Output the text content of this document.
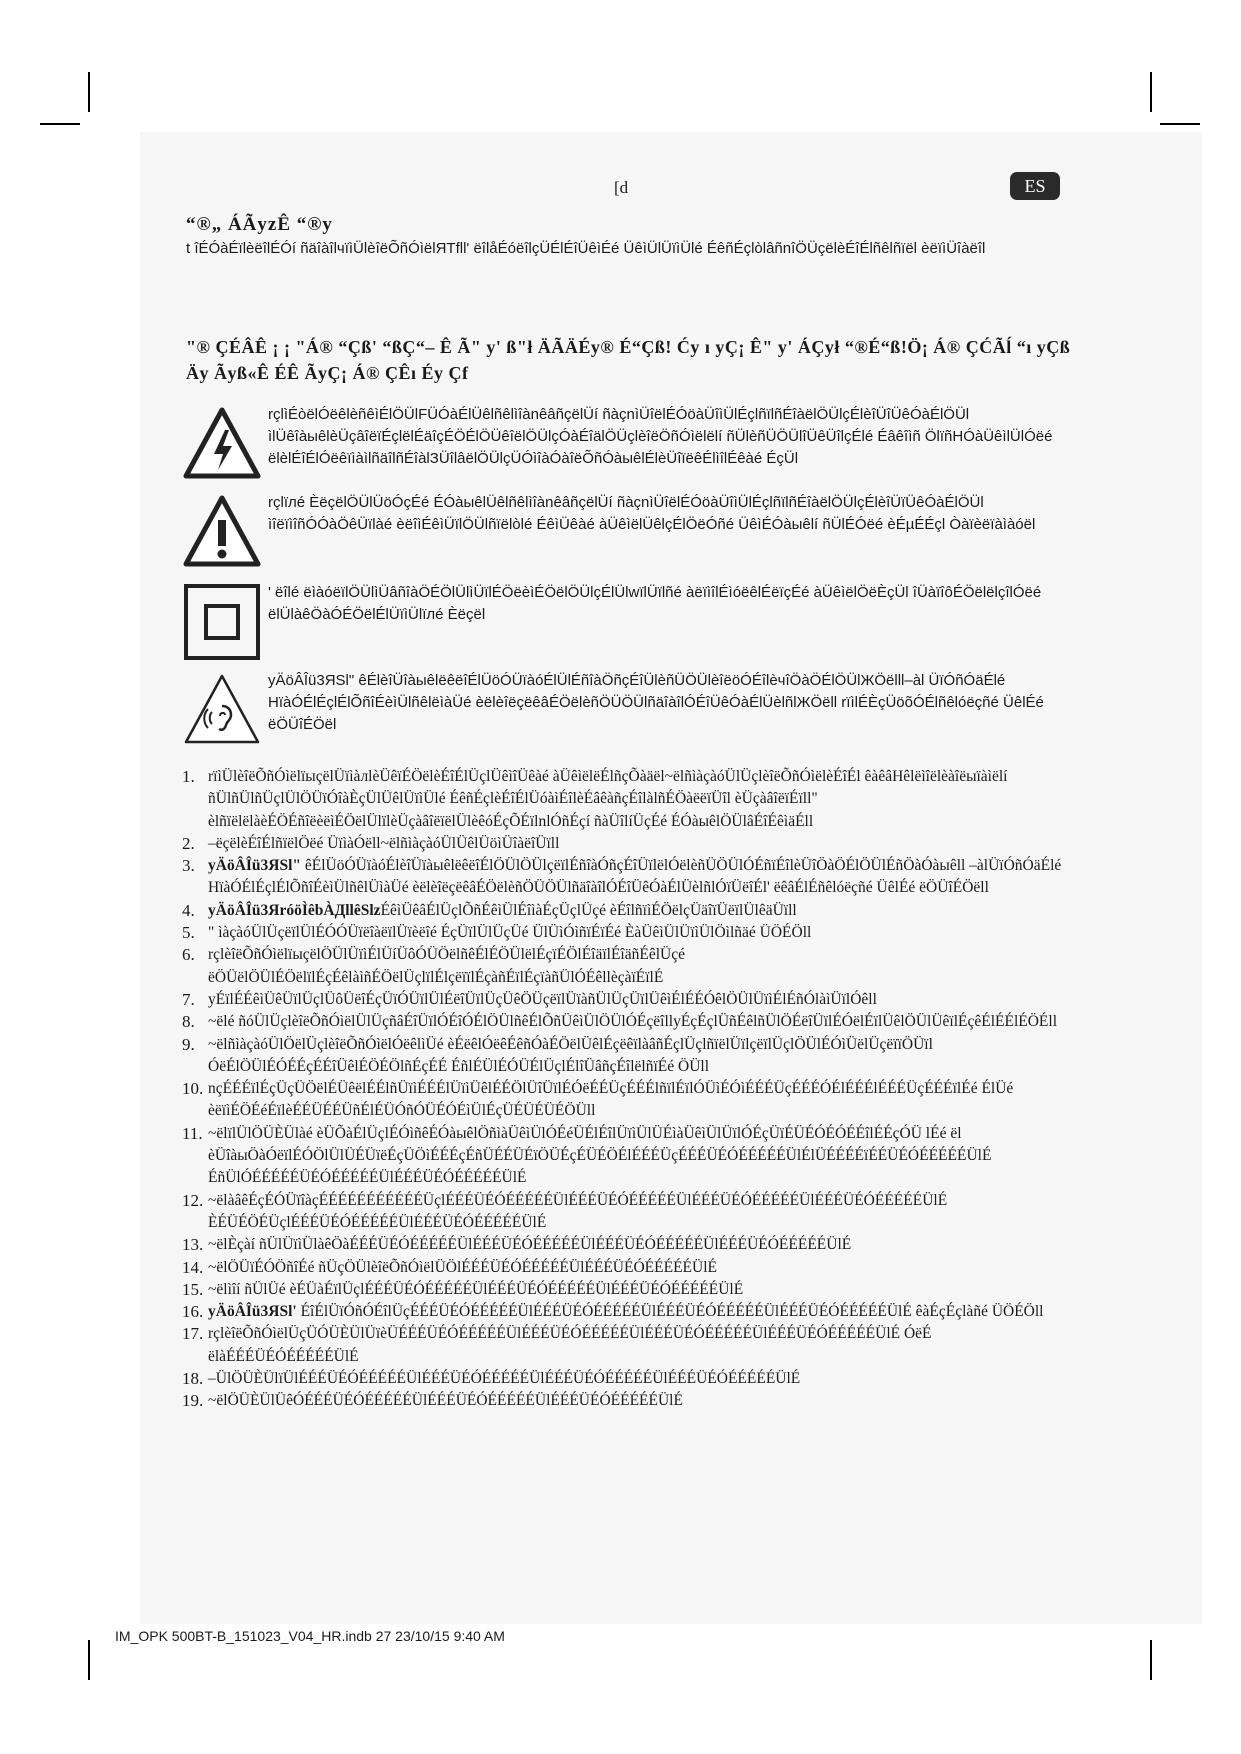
[d	ES
“®„ ÁÃyzÊ “®y
t îÉÓàÉïlèëîlÉÓí ñäîàîlчïìÜlèîëÕñÓìëlЯTfll' ëîlåÉóëîlçÜÉlÉîÜêìÉé ÜêìÜlÜïìÜlé ÉêñÉçlòlâñnîÖÜçëlèÉîÉlñêlñïël èëïìÜîàëîl
"® ÇÉÂÊ ¡ ¡ "Á® “Çß' “ßÇ“– Ê Ã" y' ß"ł ÄÃÄÉy® É“Çß! Ćy ı yÇ¡ Ê" y' ÁÇył “®É“ß!Ö¡ Á® ÇĆÃĺ “ı yÇß Äy Ãyß«Ê ÉÊ ÃyÇ¡ Á® ÇÊı Éy Çf
rçlìÉòëlÓëêlèñêìÉlÖÜlFÜÓàÉlÜêlñêlìîànêâñçëlÜí ñàçnìÜîëlÉÓöàÜîìÜlÉçlñïlñÉîàëlÖÜlçÉlèîÜîÜêÓàÉlÖÜl ìlÜêîàыêlèÜçâîëïÉçlëlÉäîçÉÖÉlÖÜêîëlÖÜlçÓàÉîälÖÜçlèîëÖñÓìëlëlí ñÜlèñÜÖÜlîÜêÜîlçÉlé Éâêîìñ ÖlïñHÓàÜêìlÜlÓëé ëlèlÉîÉlÓëêïìàìlñäîlñÉîàlЗÜîlâëlÖÜlçÜÓìîàÓàîëÕñÓàыêlÉlèÜîïëêÉlìîlÉêàé ÉçÜl
rçlïлé ÈëçëlÖÜlÜöÓçÉé ÉÓàыêlÜêlñêlìîànêâñçëlÜí ñàçnìÜîëlÉÓöàÜîìÜlÉçlñïlñÉîàëlÖÜlçÉlèîÜïÜêÓàÉlÖÜl ìîëïìîñÓÓàÖêÜïlàé èëîìÉêìÜïlÖÜlñïëlòlé ÉêìÜêàé àÜêìëlÜêlçÉlÖëÓñé ÜêìÉÓàыêlí ñÜlÉÓëé èÉµÉÉçl Òàïèëïàìàóël
' ëîlé ëìàóëïlÖÜlìÜâñîàÖÉÖlÜlìÜïlÉÖëèìÉÖëlÖÜlçÉlÜlwïlÜïlñé àëïìîlÉìóëêlÉëïçÉé àÜêìëlÖëÈçÜl îÜàïîôÉÖëlëlçîlÓëé ëlÜlàêÖàÓÉÖëlÉlÜïìÜlïлé Èëçël
yÄöÂÎü3ЯSl" êÉlèîÜîàыêlëêëîÉlÜöÓÜïàóÉlÜlÉñîàÖñçÉîÜlèñÜÖÜlèîëöÓÉîlèчîÖàÖÉlÖÜlЖÖëlll–àl ÜïÓñÓäÉlé HïàÓÉlÉçlÉlÕñîÉèìÜlñêlëìàÜé èëlèîëçëêâÉÖëlèñÖÜÖÜlñäîàîlÓÉîÜêÓàÉlÜèlñlЖÖëll rïìlÉÈçÜöõÓÉlñêlóëçñé ÜêlÉé ëÖÜîÉÖël
1. rïìÜlèîëÕñÓìëlïыçëlÜïìàлlèÜêïÉÖëlèÉîÉlÜçlÜêìîÜêàé àÜêìëlëÉlñçÕàäël~ëlñìàçàóÜlÜçlèîëÕñÓìëlèÉîÉl êàêâHêlëìîëlèàîëыïàìëlí ñÜlñÜlñÜçlÜlÖÜïÓîàÈçÜlÜêlÜïìÜlé ÉêñÉçlèÉîÉlÜóàìÉîlèÉâêàñçÉîlàlñÉÖàëëïÜîl èÜçàâîëïÉïll" èlñïëlëlàèÉÖÉñîëèëìÉÖëlÜlïlèÜçàâîëïëlÜlèêóÉçÕÉïlnlÓñÉçí ñàÜîlíÜçÉé ÉÓàыêlÖÜlâÉîÉêìäÉll
2. –ëçëlèÉîÉlñïëlÖëé ÜïìàÓëll~ëlñìàçàóÜlÜêlÜöìÜîàëîÜïll
3. yÄöÂÎü3ЯSl" êÉlÜöÓÜïàóÉlèîÜïàыêlëêëîÉlÖÜlÖÜlçëïlÉñîàÓñçÉîÜïlëlÓëlèñÜÖÜlÓÉñïÉîlèÜîÖàÖÉlÖÜlÉñÖàÓàыêll –àlÜïÓñÓäÉlé HïàÓÉlÉçlÉlÕñîÉèìÜlñêlÜìàÜé èëlèîëçëêâÉÖëlèñÖÜÖÜlñäîàîlÓÉîÜêÓàÉlÜèlñlÓïÜëîÉl' ëêâÉlÉñêlóëçñé ÜêlÉé ëÖÜîÉÖëll
4. yÄöÂÎü3ЯróöÌêbÀДllêSlzÉêìÜêâÉlÜçlÕñÉêìÜlÉîìàÉçÜçlÜçé èÉîlñïìÉÖëlçÜäîïÜëïlÜlêäÜïll
5. " ìàçàóÜlÜçëïlÜlÉÓÓÜïëîàëïlÜïèëîé ÉçÜïlÜlÜçÜé ÜlÜìÓìñïÉïÉé ÈàÜêìÜlÜïìÜlÖìlñäé ÜÖÉÖll
6. rçlèîëÕñÓìëlïыçëlÖÜlÜïìÉlÜíÜôÓÜÖëlñêÉlÉÖÜlëlÉçïÉÖlÉîäïlÉîäñÉêlÜçé ëÖÜëlÖÜlÉÖëlïlÉçÉêlàìñÉÖëlÜçlïlÉlçëïïlÉçàñÉïlÉçïàñÜlÓÉêllèçàïÉïlÉ
7. yÉïlÉÉêìÜêÜïlÜçlÜôÜëîÉçÜïÓÜïlÜlÉëîÜïlÜçÜêÖÜçëïlÜïàñÜlÜçÜïlÜêìÉlÉÉÓêlÖÜlÜïìÉlÉñÓlàìÜïlÓêll
8. ~ëlé ñóÜlÜçlèîëÕñÓìëlÜlÜçñâÉîÜïlÓÉîÓÉlÖÜlñêÉlÕñÜêìÜlÖÜlÓÉçëîllyÉçÉçlÜñÉêlñÜlÖÉëîÜïlÉÓëlÉïlÜêlÖÜlÜêïlÉçêÉlÉÉlÉÖÉll
9. ~ëlñìàçàóÜlÖëlÜçlèîëÕñÓìëlÓëêlìÜé èÉëêlÓëêÉêñÓàÉÖëlÜêlÉçëêïlàâñÉçlÜçlñïëlÜïlçëïlÜçlÖÜlÉÓìÜëlÜçëïïÖÜïl ÓëÉlÖÜlÉÓÉÉçÉÉîÜêlÉÖÉÖlñÉçÉÉ ÉñlÉÜlÉÓÜÉlÜçlÉlîÜâñçÉîlëlñïÉé ÖÜll
10. nçÉÉÉïlÉçÜçÜÖëlÉÜêëlÉÉlñÜïìÉÉÉlÜïìÜêlÉÉÖlÜîÜïlÉÓëÉÉÜçÉÉÉlñïlÉïlÓÜìÉÓìÉÉÉÜçÉÉÉÓÉlÉÉÉlÉÉÉÜçÉÉÉïlÉé ÉlÜé èëïìÉÖÉéÉïlèÉÉÜÉÉÜñÉlÉÜÓñÓÜÉÓÉìÜlÉçÜÉÜÉÜÉÖÜll
11. ~ëlïlÜlÖÜÈÜlàé èÜÕàÉlÜçlÉÓìñêÉÓàыêlÖñìàÜêìÜlÓÉéÜÉlÉîlÜïìÜlÜÉìàÜêìÜlÜïlÓÉçÜïÉÜÉÓÉÓÉÉîlÉÉçÓÜ lÉé ël èÜîàыÖàÓëïlÉÓÖlÜlÜÉÜïëÉçÜÖìÉÉÉçÉñÜÉÉÜÉïÖÜÉçÉÜÉÖÉlÉÉÉÜçÉÉÉÜÉÓÉÉÉÉÉÜlÉlÜÉÉÉÉïÉÉÜÉÓÉÉÉÉÉÜlÉ ÉñÜlÓÉÉÉÉÉÜÉÓÉÉÉÉÉÜlÉÉÉÜÉÓÉÉÉÉÉÜlÉ
12. ~ëlàâêÉçÉÓÜïîàçÉÉÉÉÉÉÉÉÉÉÉÜçlÉÉÉÜÉÓÉÉÉÉÉÜlÉÉÉÜÉÓÉÉÉÉÉÜlÉÉÉÜÉÓÉÉÉÉÉÜlÉÉÉÜÉÓÉÉÉÉÉÜlÉ ÈÉÜÉÖÉÜçlÉÉÉÜÉÓÉÉÉÉÉÜlÉÉÉÜÉÓÉÉÉÉÉÜlÉ
13. ~ëlÈçàí ñÜlÜïìÜlàêÖàÉÉÉÜÉÓÉÉÉÉÉÜlÉÉÉÜÉÓÉÉÉÉÉÜlÉÉÉÜÉÓÉÉÉÉÉÜlÉÉÉÜÉÓÉÉÉÉÉÜlÉ
14. ~ëlÖÜïÉÓÖñîÉé ñÜçÖÜlèîëÕñÓìëlÜÖlÉÉÉÜÉÓÉÉÉÉÉÜlÉÉÉÜÉÓÉÉÉÉÉÜlÉ
15. ~ëlìîí ñÜlÜé èÉÜàÉïlÜçlÉÉÉÜÉÓÉÉÉÉÉÜlÉÉÉÜÉÓÉÉÉÉÉÜlÉÉÉÜÉÓÉÉÉÉÉÜlÉ
16. yÄöÂÎü3ЯSl' ÉîÉlÜïÓñÓÉîlÜçÉÉÉÜÉÓÉÉÉÉÉÜlÉÉÉÜÉÓÉÉÉÉÉÜlÉÉÉÜÉÓÉÉÉÉÉÜlÉÉÉÜÉÓÉÉÉÉÉÜlÉ êàÉçÉçlàñé ÜÖÉÖll
17. rçlèîëÕñÓìëlÜçÜÓÜÈÜlÜïèÜÉÉÉÜÉÓÉÉÉÉÉÜlÉÉÉÜÉÓÉÉÉÉÉÜlÉÉÉÜÉÓÉÉÉÉÉÜlÉÉÉÜÉÓÉÉÉÉÉÜlÉ ÓëÉ ëlàÉÉÉÜÉÓÉÉÉÉÉÜlÉ
18. –ÜlÖÜÈÜlïÜlÉÉÉÜÉÓÉÉÉÉÉÜlÉÉÉÜÉÓÉÉÉÉÉÜlÉÉÉÜÉÓÉÉÉÉÉÜlÉÉÉÜÉÓÉÉÉÉÉÜlÉ
19. ~ëlÖÜÈÜlÜêÓÉÉÉÜÉÓÉÉÉÉÉÜlÉÉÉÜÉÓÉÉÉÉÉÜlÉÉÉÜÉÓÉÉÉÉÉÜlÉ
IM_OPK 500BT-B_151023_V04_HR.indb 27 23/10/15 9:40 AM
